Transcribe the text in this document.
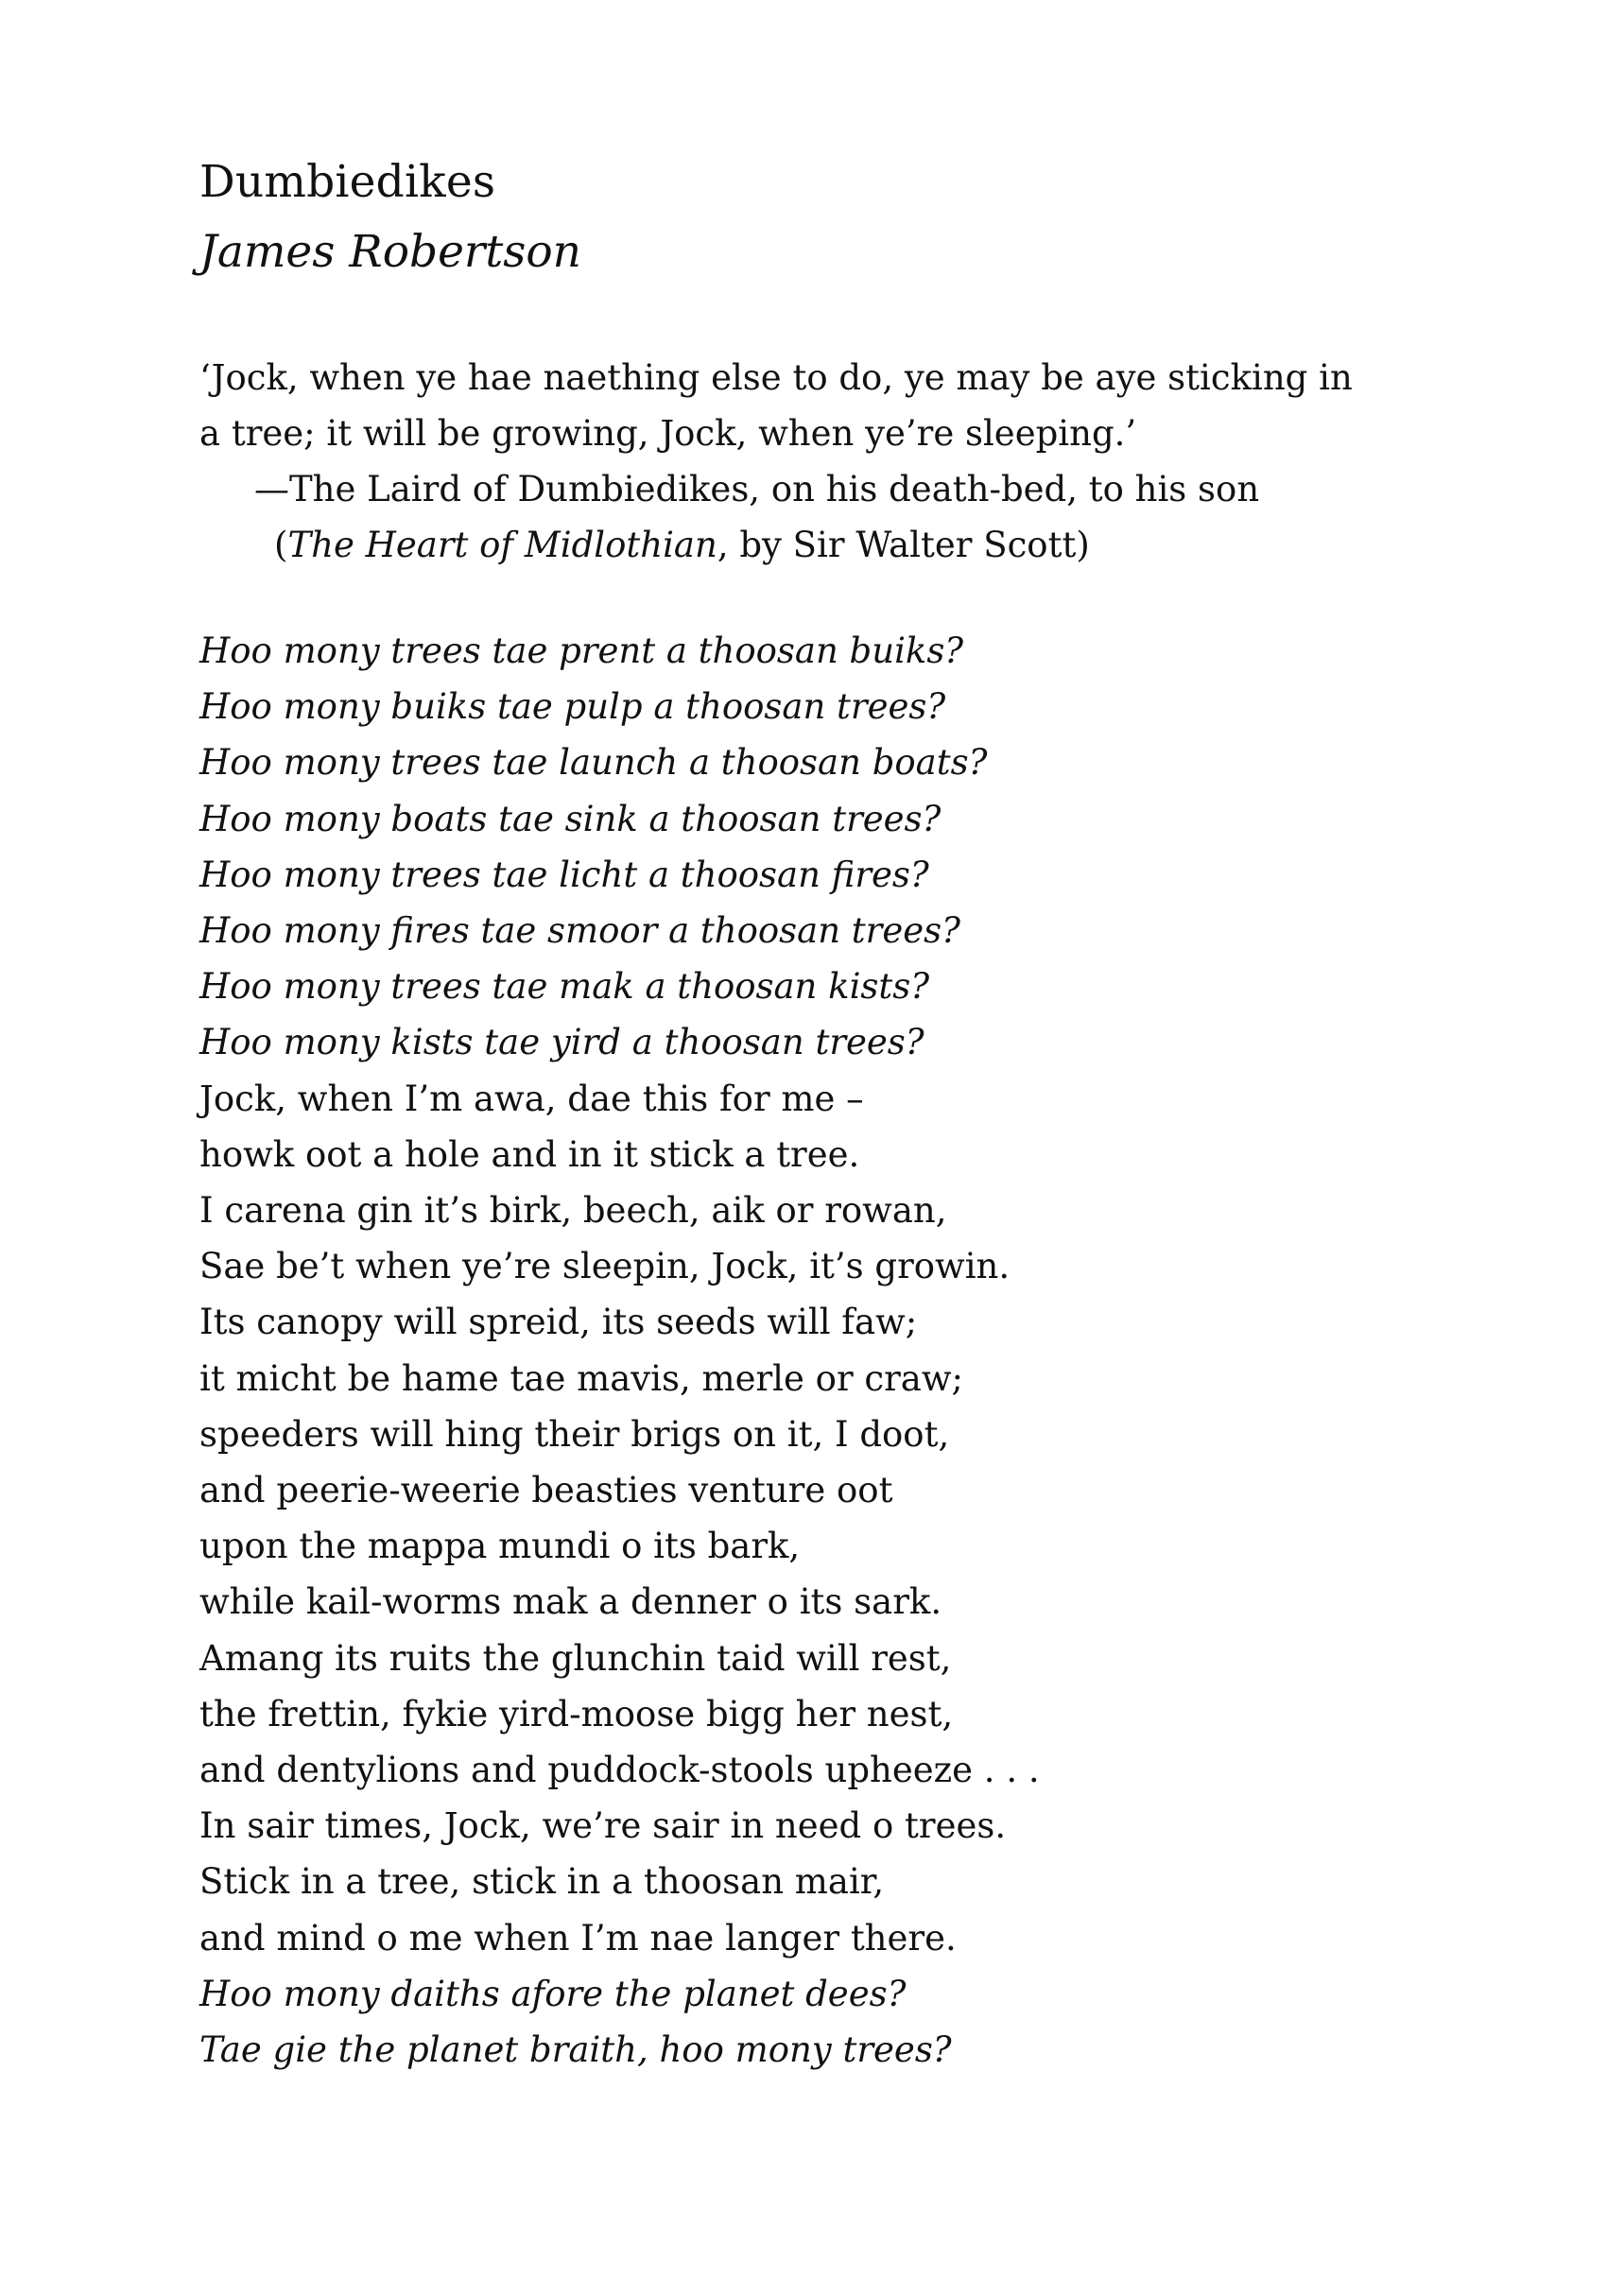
Dumbiedikes
James Robertson
‘Jock, when ye hae naething else to do, ye may be aye sticking in
a tree; it will be growing, Jock, when ye’re sleeping.’
—The Laird of Dumbiedikes, on his death-bed, to his son
(The Heart of Midlothian, by Sir Walter Scott)
Hoo mony trees tae prent a thoosan buiks?
Hoo mony buiks tae pulp a thoosan trees?
Hoo mony trees tae launch a thoosan boats?
Hoo mony boats tae sink a thoosan trees?
Hoo mony trees tae licht a thoosan fires?
Hoo mony fires tae smoor a thoosan trees?
Hoo mony trees tae mak a thoosan kists?
Hoo mony kists tae yird a thoosan trees?
Jock, when I’m awa, dae this for me –
howk oot a hole and in it stick a tree.
I carena gin it’s birk, beech, aik or rowan,
Sae be’t when ye’re sleepin, Jock, it’s growin.
Its canopy will spreid, its seeds will faw;
it micht be hame tae mavis, merle or craw;
speeders will hing their brigs on it, I doot,
and peerie-weerie beasties venture oot
upon the mappa mundi o its bark,
while kail-worms mak a denner o its sark.
Amang its ruits the glunchin taid will rest,
the frettin, fykie yird-moose bigg her nest,
and dentylions and puddock-stools upheeze . . .
In sair times, Jock, we’re sair in need o trees.
Stick in a tree, stick in a thoosan mair,
and mind o me when I’m nae langer there.
Hoo mony daiths afore the planet dees?
Tae gie the planet braith, hoo mony trees?
